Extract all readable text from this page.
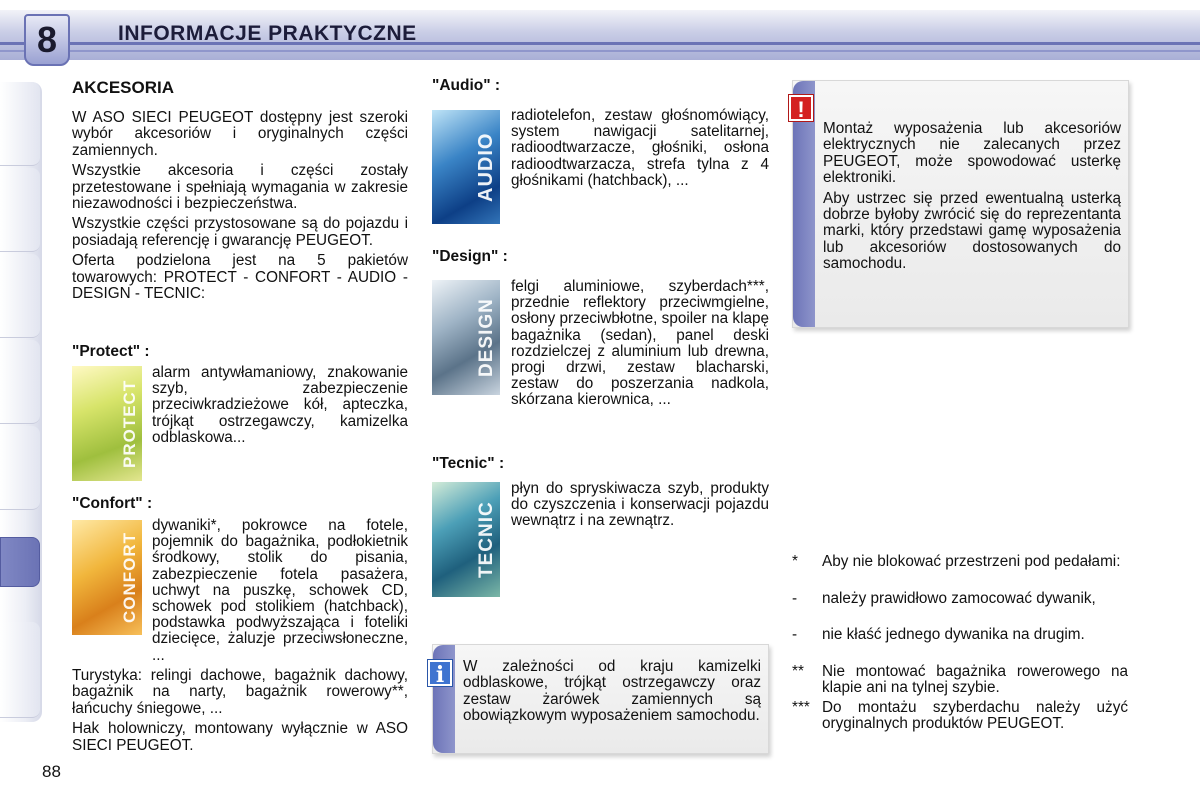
8	INFORMACJE PRAKTYCZNE
88
AKCESORIA

W ASO SIECI PEUGEOT dostępny jest szeroki wybór akcesoriów i oryginalnych części zamiennych.

Wszystkie akcesoria i części zostały przetestowane i spełniają wymagania w zakresie niezawodności i bezpieczeństwa.

Wszystkie części przystosowane są do pojazdu i posiadają referencję i gwarancję PEUGEOT.

Oferta podzielona jest na 5 pakietów towarowych: PROTECT - CONFORT - AUDIO - DESIGN - TECNIC:

"Protect" :
PROTECT
alarm antywłamaniowy, znakowanie szyb, zabezpieczenie przeciwkradzieżowe kół, apteczka, trójkąt ostrzegawczy, kamizelka odblaskowa...
"Confort" :
CONFORT
dywaniki*, pokrowce na fotele, pojemnik do bagażnika, podłokietnik środkowy, stolik do pisania, zabezpieczenie fotela pasażera, uchwyt na puszkę, schowek CD, schowek pod stolikiem (hatchback), podstawka podwyższająca i foteliki dziecięce, żaluzje przeciwsłoneczne, ...

Turystyka: relingi dachowe, bagażnik dachowy, bagażnik na narty, bagażnik rowerowy**, łańcuchy śniegowe, ...

Hak holowniczy, montowany wyłącznie w ASO SIECI PEUGEOT.

"Audio" :
AUDIO
radiotelefon, zestaw głośnomówiący, system nawigacji satelitarnej, radioodtwarzacze, głośniki, osłona radioodtwarzacza, strefa tylna z 4 głośnikami (hatchback), ...
"Design" :
DESIGN
felgi aluminiowe, szyberdach***, przednie reflektory przeciwmgielne, osłony przeciwbłotne, spoiler na klapę bagażnika (sedan), panel deski rozdzielczej z aluminium lub drewna, progi drzwi, zestaw blacharski, zestaw do poszerzania nadkola, skórzana kierownica, ...
"Tecnic" :
TECNIC
płyn do spryskiwacza szyb, produkty do czyszczenia i konserwacji pojazdu wewnątrz i na zewnątrz.
W zależności od kraju kamizelki odblaskowe, trójkąt ostrzegawczy oraz zestaw żarówek zamiennych są obowiązkowym wyposażeniem samochodu.
i

Montaż wyposażenia lub akcesoriów elektrycznych nie zalecanych przez PEUGEOT, może spowodować usterkę elektroniki.

Aby ustrzec się przed ewentualną usterką dobrze byłoby zwrócić się do reprezentanta marki, który przedstawi gamę wyposażenia lub akcesoriów dostosowanych do samochodu.

!
* Aby nie blokować przestrzeni pod pedałami:
- należy prawidłowo zamocować dywanik,
- nie kłaść jednego dywanika na drugim.
** Nie montować bagażnika rowerowego na klapie ani na tylnej szybie.
*** Do montażu szyberdachu należy użyć oryginalnych produktów PEUGEOT.
